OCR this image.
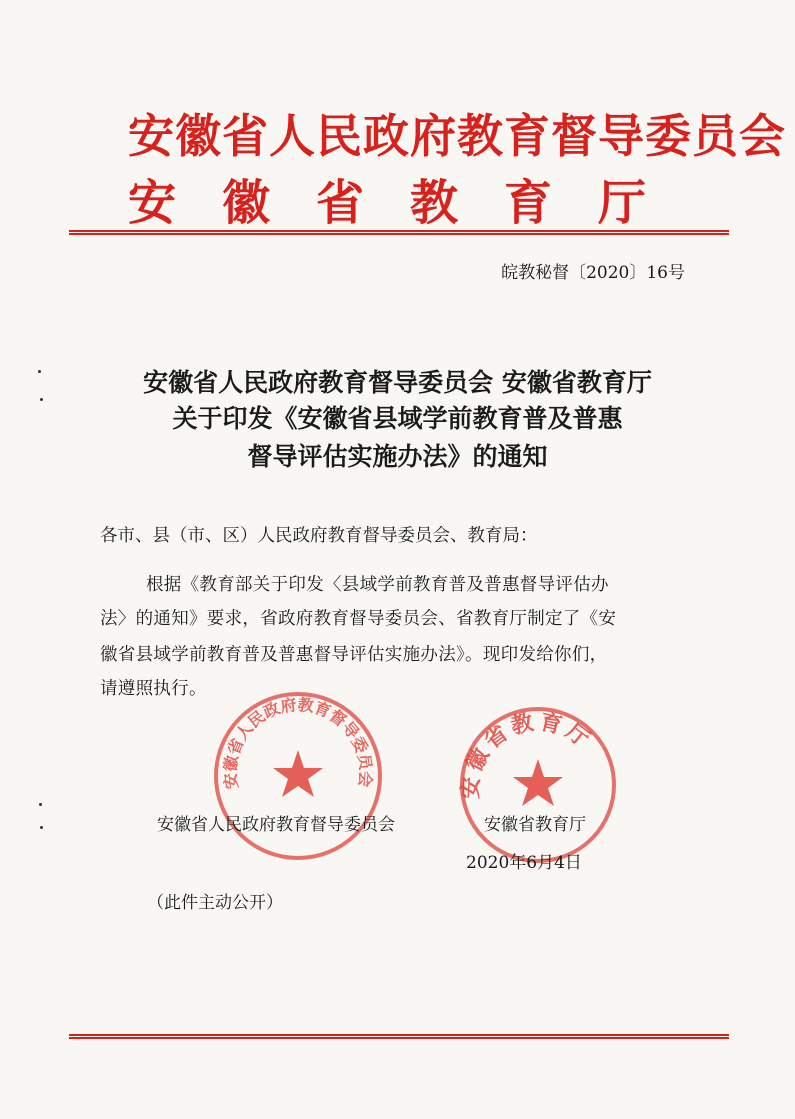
安徽省人民政府教育督导委员会
安徽省教育厅
皖教秘督〔2020〕16号
安徽省人民政府教育督导委员会 安徽省教育厅
关于印发《安徽省县域学前教育普及普惠
督导评估实施办法》的通知
各市、县（市、区）人民政府教育督导委员会、教育局：
根据《教育部关于印发〈县域学前教育普及普惠督导评估办
法〉的通知》要求，省政府教育督导委员会、省教育厅制定了《安
徽省县域学前教育普及普惠督导评估实施办法》。现印发给你们，
请遵照执行。
安徽省人民政府教育督导委员会	安徽省教育厅
安徽省人民政府教育督导委员会	安徽省教育厅
2020年6月4日
（此件主动公开）
